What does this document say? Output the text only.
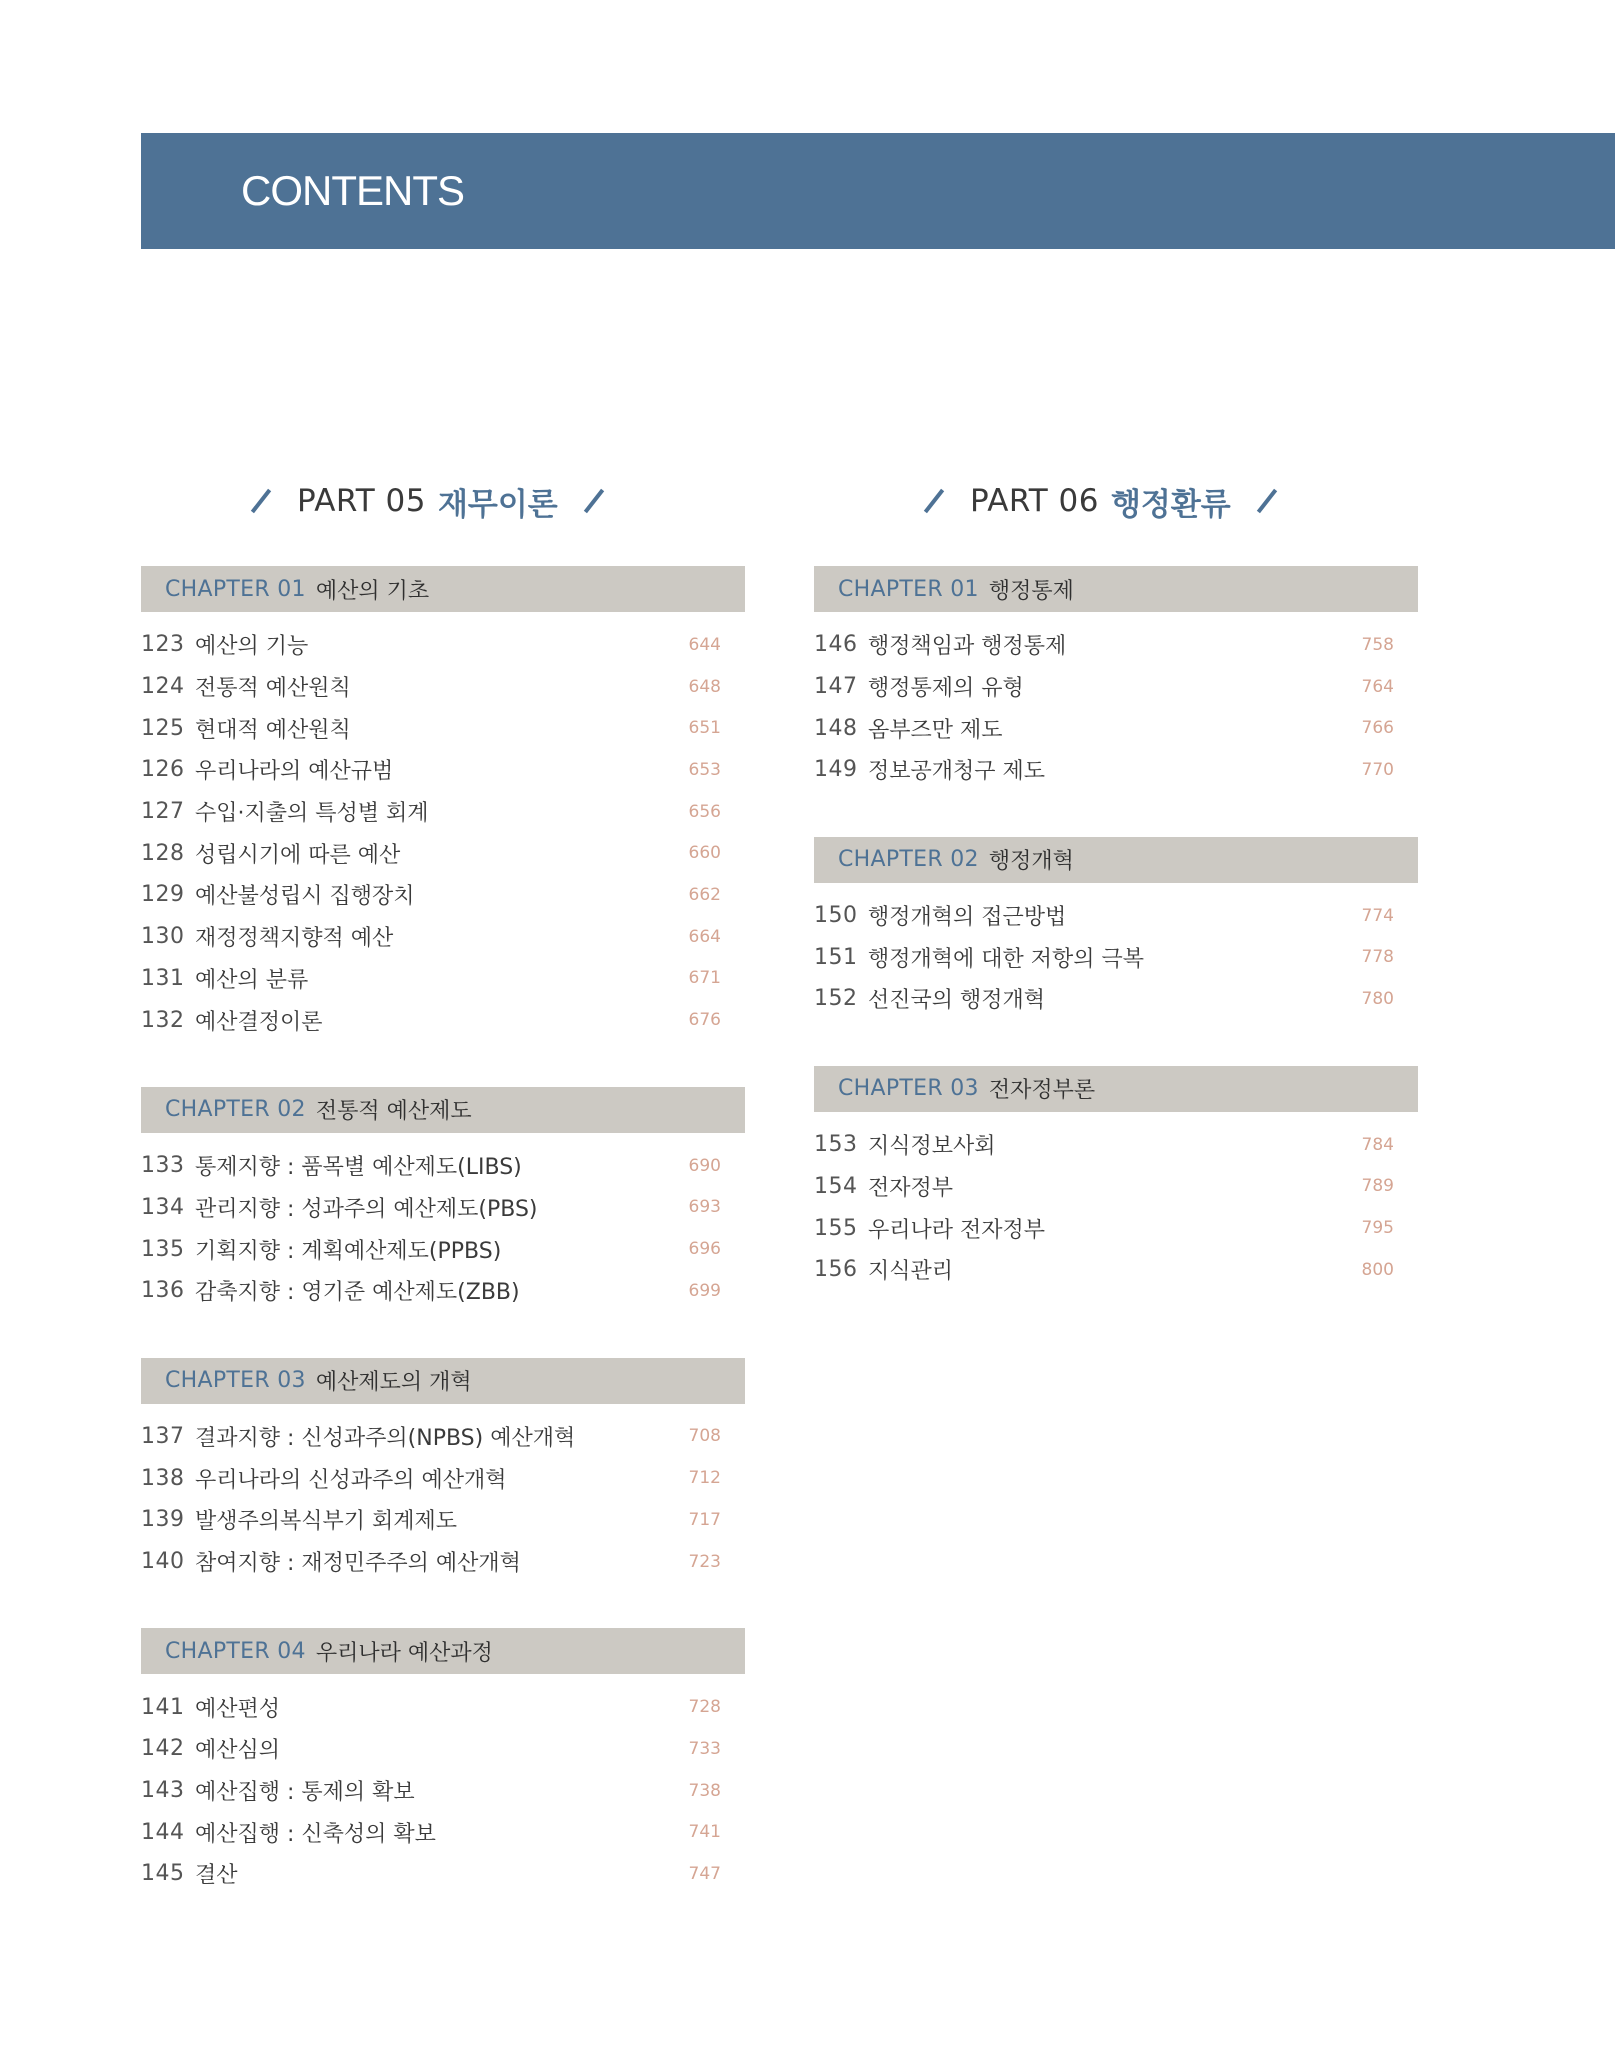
CONTENTS
PART 05 재무이론	PART 06 행정환류
CHAPTER 01 예산의 기초
123 예산의 기능	644
124 전통적 예산원칙	648
125 현대적 예산원칙	651
126 우리나라의 예산규범	653
127 수입·지출의 특성별 회계	656
128 성립시기에 따른 예산	660
129 예산불성립시 집행장치	662
130 재정정책지향적 예산	664
131 예산의 분류	671
132 예산결정이론	676
CHAPTER 02 전통적 예산제도
133 통제지향 : 품목별 예산제도(LIBS)	690
134 관리지향 : 성과주의 예산제도(PBS)	693
135 기획지향 : 계획예산제도(PPBS)	696
136 감축지향 : 영기준 예산제도(ZBB)	699
CHAPTER 03 예산제도의 개혁
137 결과지향 : 신성과주의(NPBS) 예산개혁	708
138 우리나라의 신성과주의 예산개혁	712
139 발생주의복식부기 회계제도	717
140 참여지향 : 재정민주주의 예산개혁	723
CHAPTER 04 우리나라 예산과정
141 예산편성	728
142 예산심의	733
143 예산집행 : 통제의 확보	738
144 예산집행 : 신축성의 확보	741
145 결산	747
CHAPTER 01 행정통제
146 행정책임과 행정통제	758
147 행정통제의 유형	764
148 옴부즈만 제도	766
149 정보공개청구 제도	770
CHAPTER 02 행정개혁
150 행정개혁의 접근방법	774
151 행정개혁에 대한 저항의 극복	778
152 선진국의 행정개혁	780
CHAPTER 03 전자정부론
153 지식정보사회	784
154 전자정부	789
155 우리나라 전자정부	795
156 지식관리	800
